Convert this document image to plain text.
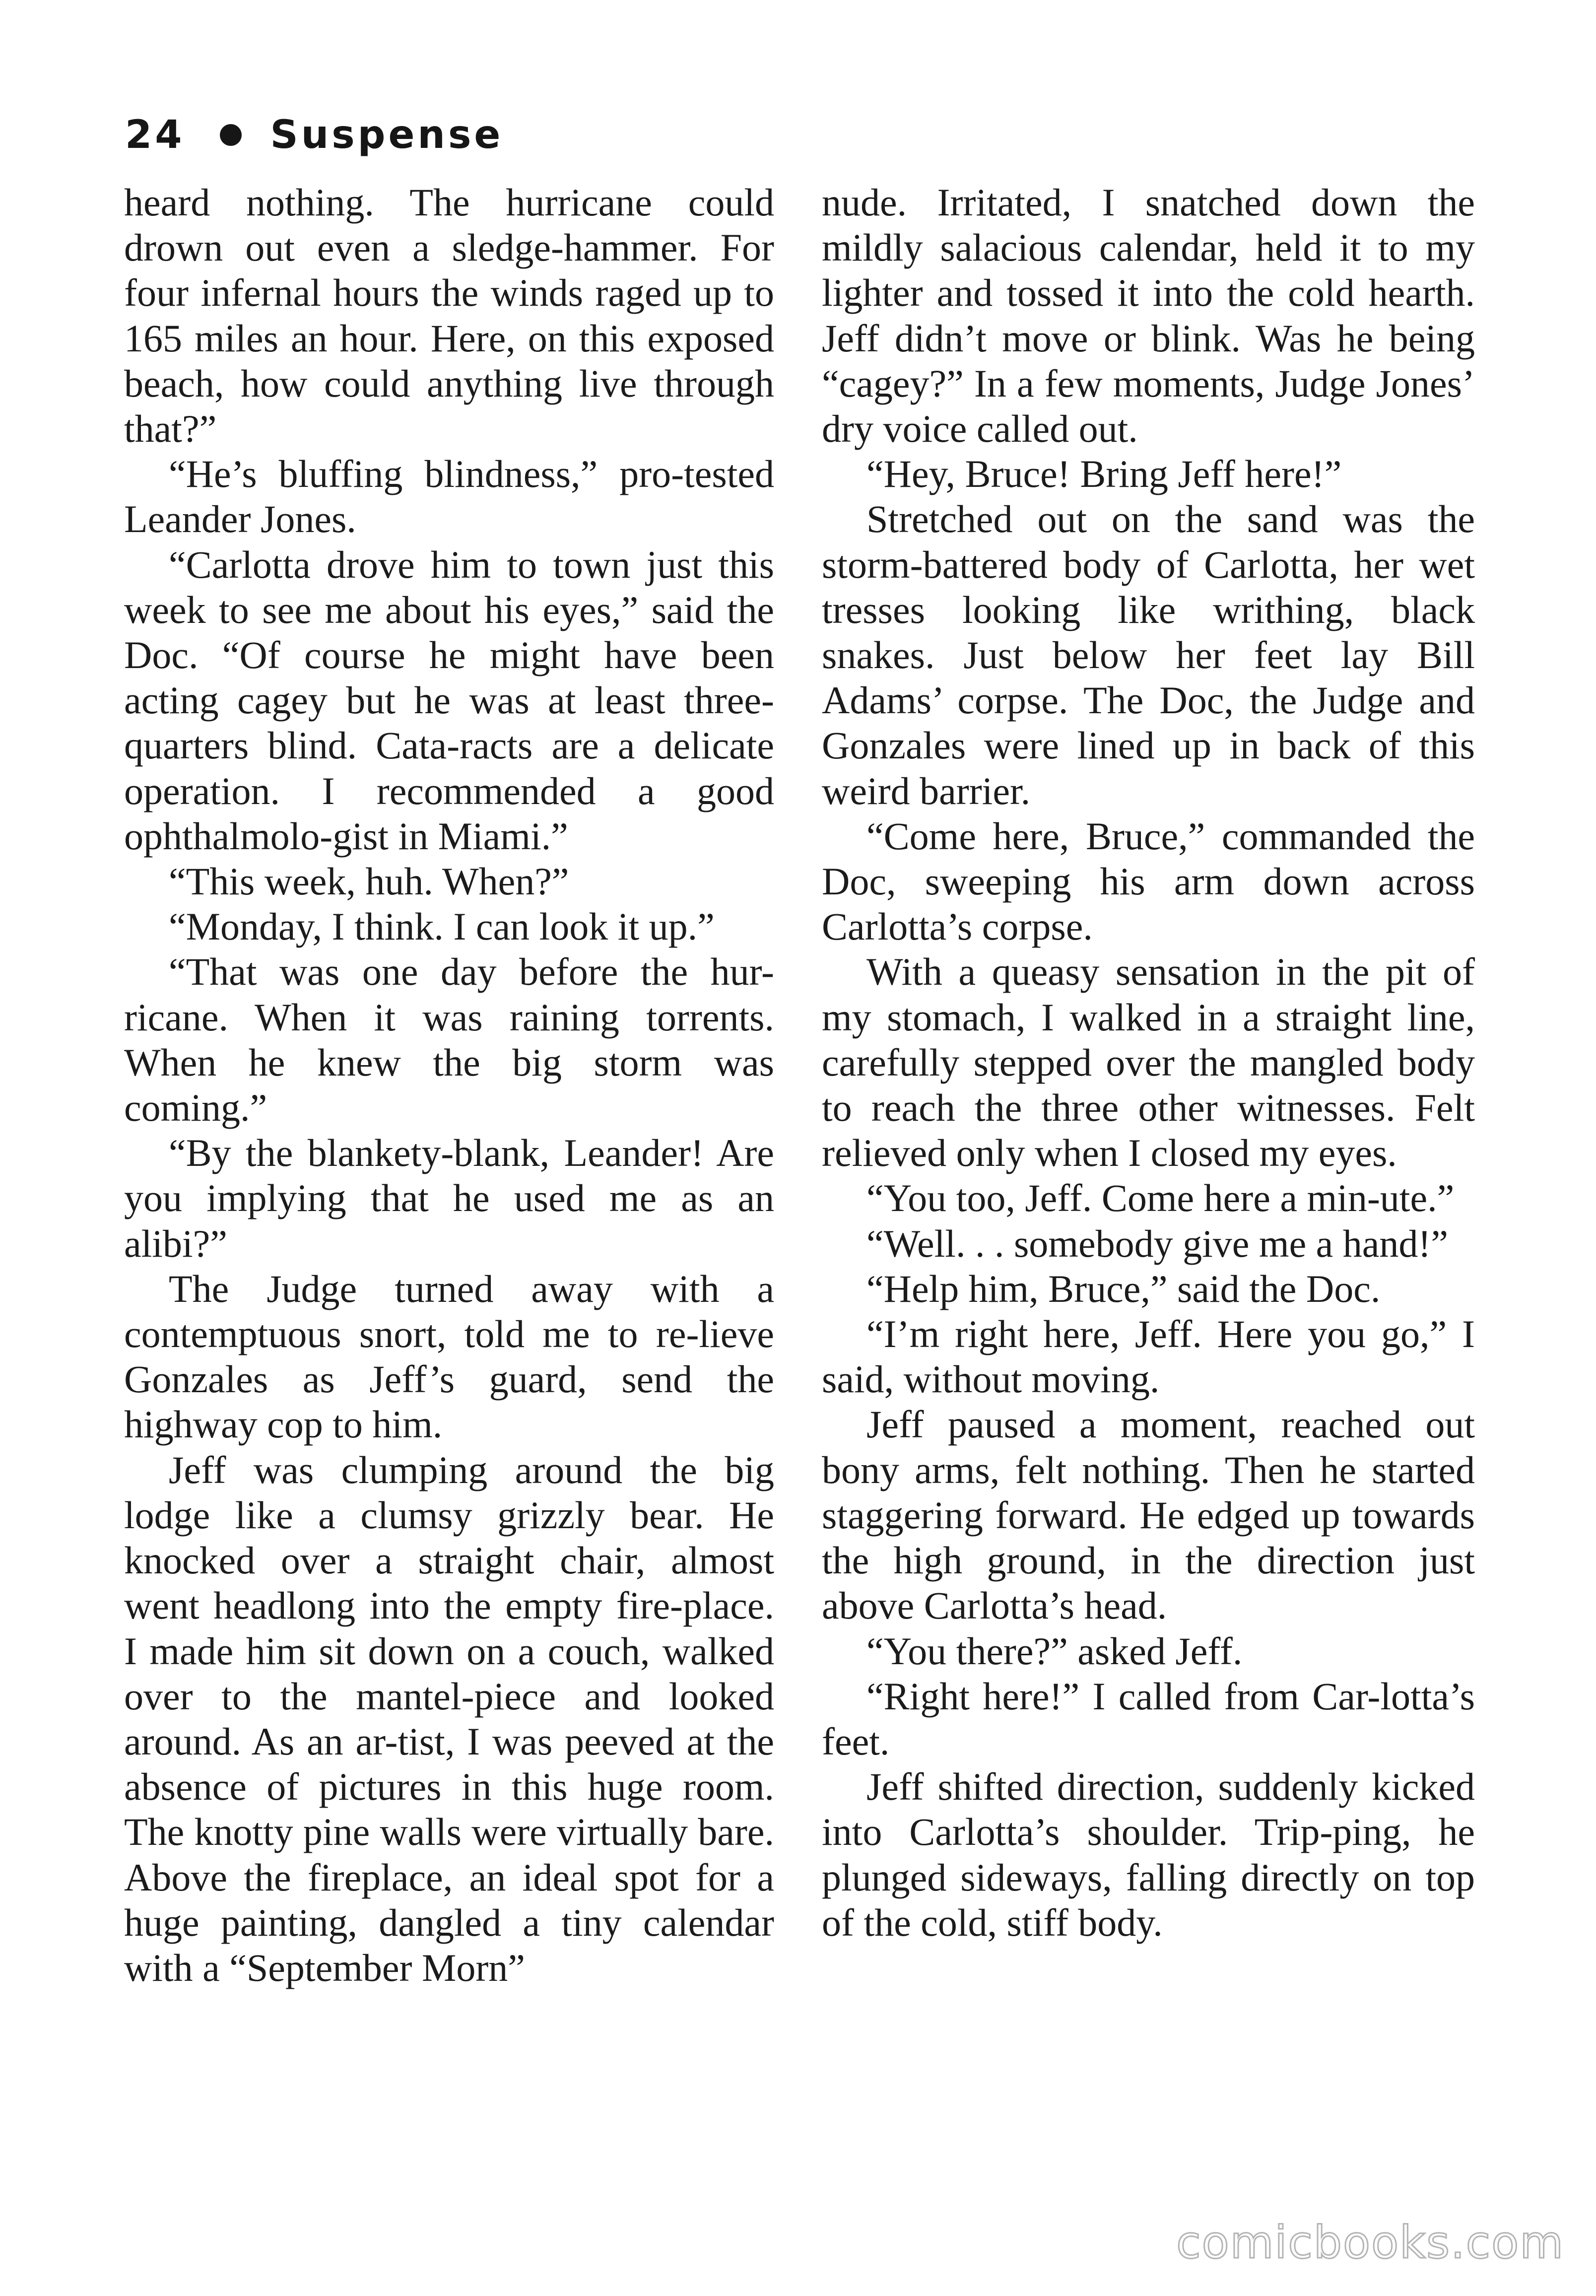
24 Suspense

heard nothing. The hurricane could drown out even a sledge-hammer. For four infernal hours the winds raged up to 165 miles an hour. Here, on this exposed beach, how could anything live through that?”

“He’s bluffing blindness,” pro-tested Leander Jones.

“Carlotta drove him to town just this week to see me about his eyes,” said the Doc. “Of course he might have been acting cagey but he was at least three-quarters blind. Cata-racts are a delicate operation. I recommended a good ophthalmolo-gist in Miami.”

“This week, huh. When?”

“Monday, I think. I can look it up.”

“That was one day before the hur-ricane. When it was raining torrents. When he knew the big storm was coming.”

“By the blankety-blank, Leander! Are you implying that he used me as an alibi?”

The Judge turned away with a contemptuous snort, told me to re-lieve Gonzales as Jeff’s guard, send the highway cop to him.

Jeff was clumping around the big lodge like a clumsy grizzly bear. He knocked over a straight chair, almost went headlong into the empty fire-place. I made him sit down on a couch, walked over to the mantel-piece and looked around. As an ar-tist, I was peeved at the absence of pictures in this huge room. The knotty pine walls were virtually bare. Above the fireplace, an ideal spot for a huge painting, dangled a tiny calendar with a “September Morn”

nude. Irritated, I snatched down the mildly salacious calendar, held it to my lighter and tossed it into the cold hearth. Jeff didn’t move or blink. Was he being “cagey?” In a few moments, Judge Jones’ dry voice called out.

“Hey, Bruce! Bring Jeff here!”

Stretched out on the sand was the storm-battered body of Carlotta, her wet tresses looking like writhing, black snakes. Just below her feet lay Bill Adams’ corpse. The Doc, the Judge and Gonzales were lined up in back of this weird barrier.

“Come here, Bruce,” commanded the Doc, sweeping his arm down across Carlotta’s corpse.

With a queasy sensation in the pit of my stomach, I walked in a straight line, carefully stepped over the mangled body to reach the three other witnesses. Felt relieved only when I closed my eyes.

“You too, Jeff. Come here a min-ute.”

“Well. . . somebody give me a hand!”

“Help him, Bruce,” said the Doc.

“I’m right here, Jeff. Here you go,” I said, without moving.

Jeff paused a moment, reached out bony arms, felt nothing. Then he started staggering forward. He edged up towards the high ground, in the direction just above Carlotta’s head.

“You there?” asked Jeff.

“Right here!” I called from Car-lotta’s feet.

Jeff shifted direction, suddenly kicked into Carlotta’s shoulder. Trip-ping, he plunged sideways, falling directly on top of the cold, stiff body.

comicbooks.com
